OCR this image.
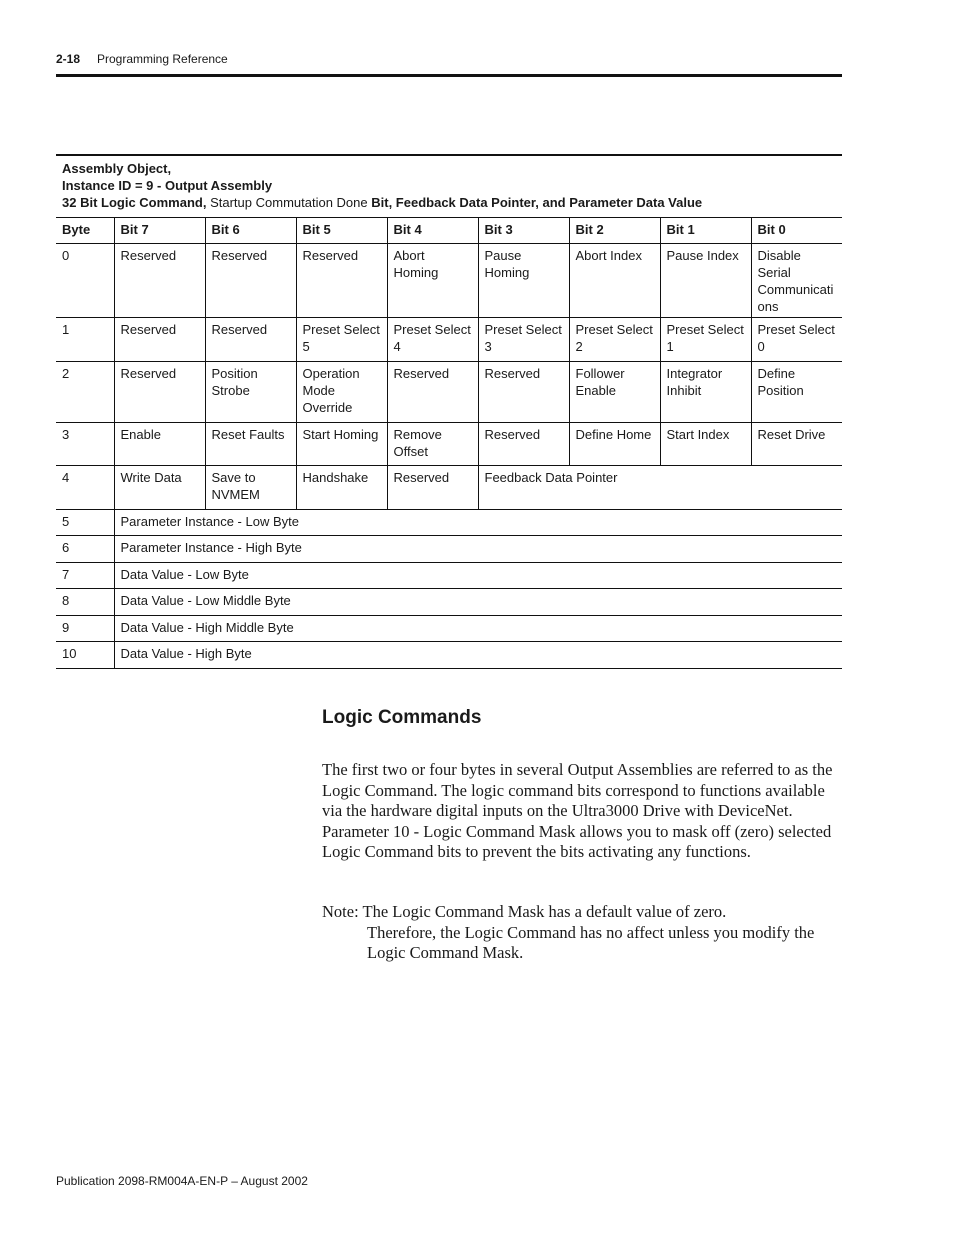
2-18 Programming Reference
Assembly Object,
Instance ID = 9 - Output Assembly
32 Bit Logic Command, Startup Commutation Done Bit, Feedback Data Pointer, and Parameter Data Value
Byte	Bit 7	Bit 6	Bit 5	Bit 4	Bit 3	Bit 2	Bit 1	Bit 0
0	Reserved	Reserved	Reserved	Abort Homing	Pause Homing	Abort Index	Pause Index	Disable Serial Communicati ons
1	Reserved	Reserved	Preset Select 5	Preset Select 4	Preset Select 3	Preset Select 2	Preset Select 1	Preset Select 0
2	Reserved	Position Strobe	Operation Mode Override	Reserved	Reserved	Follower Enable	Integrator Inhibit	Define Position
3	Enable	Reset Faults	Start Homing	Remove Offset	Reserved	Define Home	Start Index	Reset Drive
4	Write Data	Save to NVMEM	Handshake	Reserved	Feedback Data Pointer			
5	Parameter Instance - Low Byte							
6	Parameter Instance - High Byte							
7	Data Value - Low Byte							
8	Data Value - Low Middle Byte							
9	Data Value - High Middle Byte							
10	Data Value - High Byte							
Logic Commands
The first two or four bytes in several Output Assemblies are referred to as the Logic Command. The logic command bits correspond to functions available via the hardware digital inputs on the Ultra3000 Drive with DeviceNet. Parameter 10 - Logic Command Mask allows you to mask off (zero) selected Logic Command bits to prevent the bits activating any functions.
Note: The Logic Command Mask has a default value of zero.
Therefore, the Logic Command has no affect unless you modify the Logic Command Mask.
Publication 2098-RM004A-EN-P – August 2002
